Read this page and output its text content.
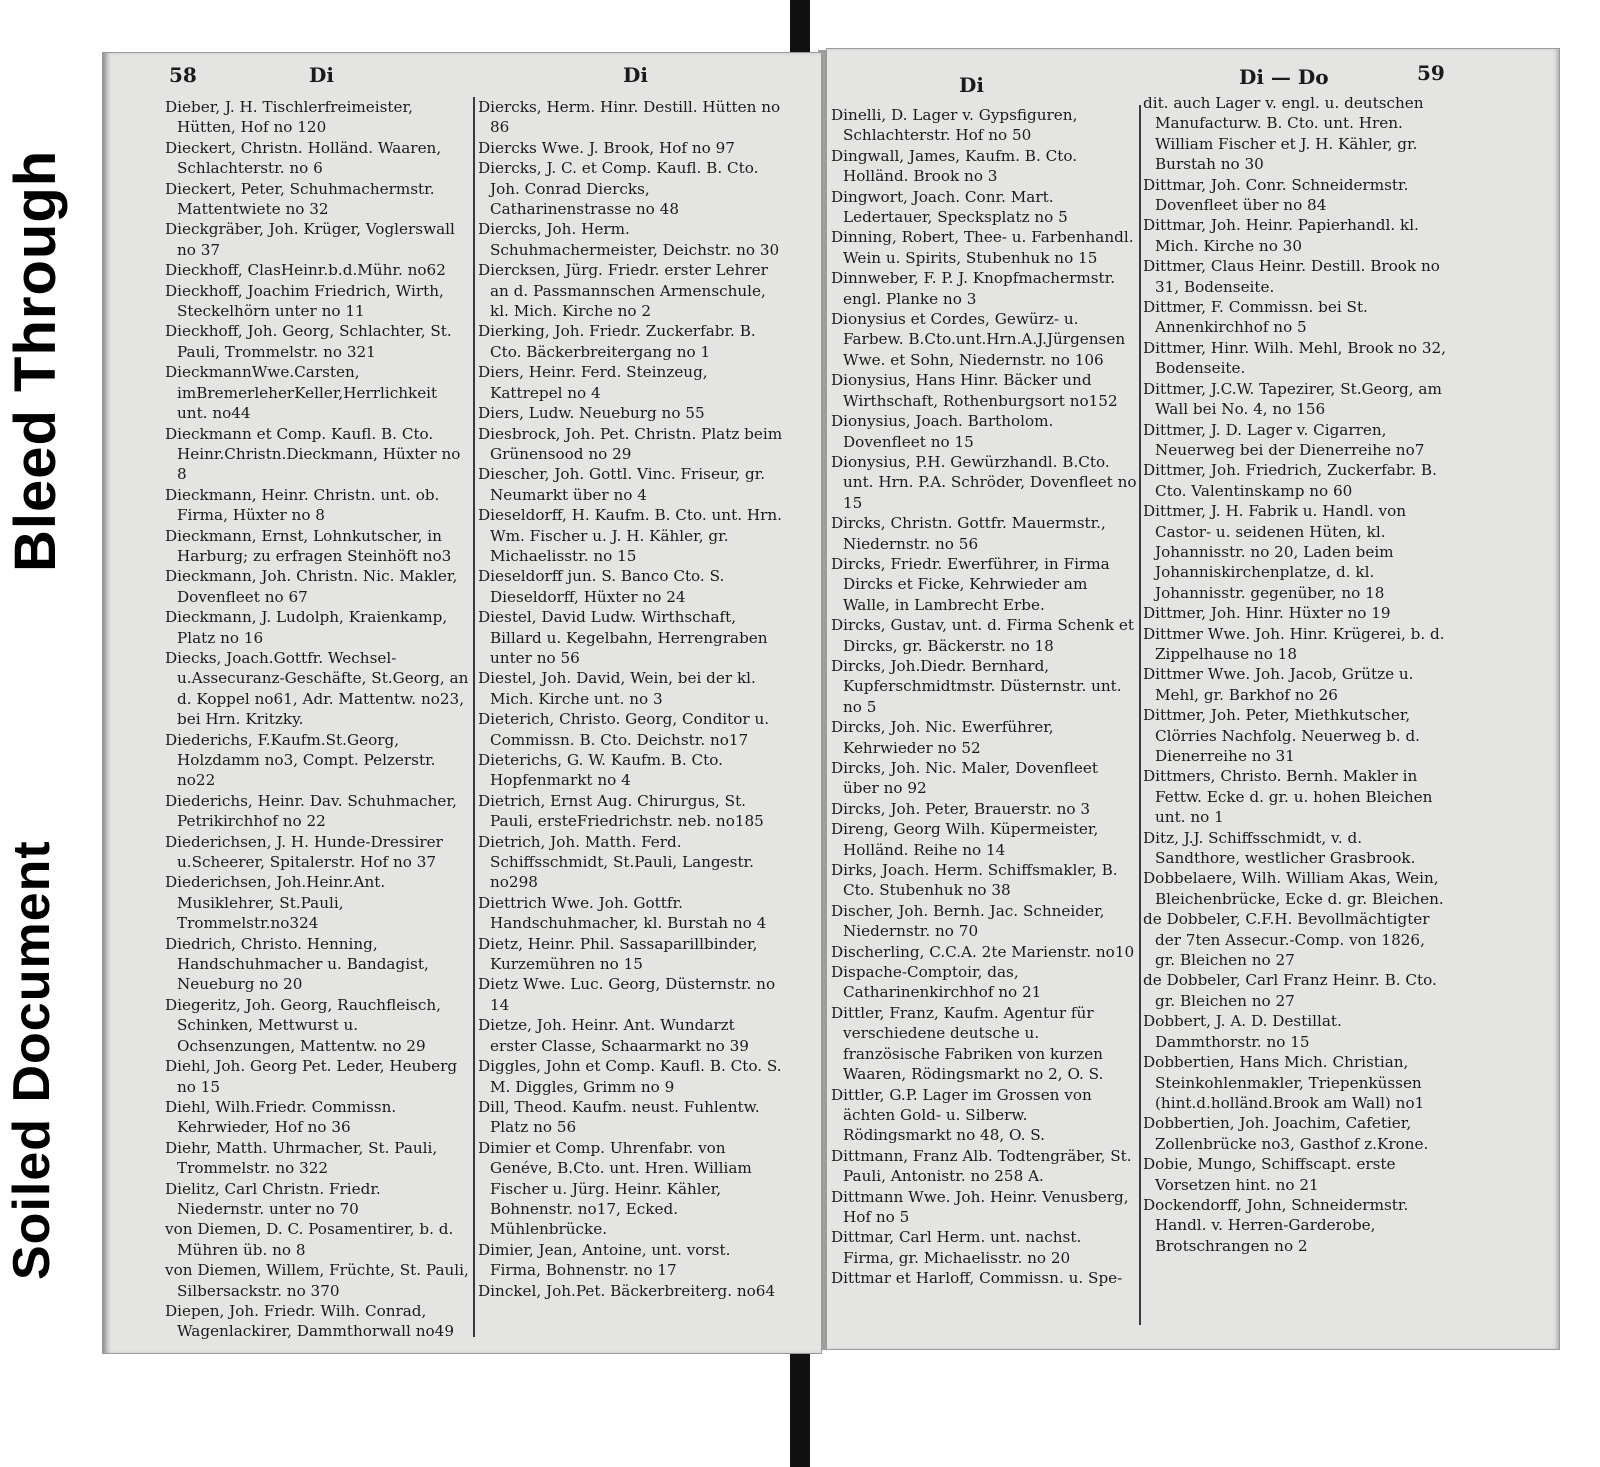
Bleed Through
Soiled Document
58	Di	Di

Dieber, J. H. Tischlerfreimeister, Hütten, Hof no 120

Dieckert, Christn. Holländ. Waaren, Schlachterstr. no 6

Dieckert, Peter, Schuhmachermstr. Mattentwiete no 32

Dieckgräber, Joh. Krüger, Voglerswall no 37

Dieckhoff, ClasHeinr.b.d.Mühr. no62

Dieckhoff, Joachim Friedrich, Wirth, Steckelhörn unter no 11

Dieckhoff, Joh. Georg, Schlachter, St. Pauli, Trommelstr. no 321

DieckmannWwe.Carsten, imBremerleherKeller,Herrlichkeit unt. no44

Dieckmann et Comp. Kaufl. B. Cto. Heinr.Christn.Dieckmann, Hüxter no 8

Dieckmann, Heinr. Christn. unt. ob. Firma, Hüxter no 8

Dieckmann, Ernst, Lohnkutscher, in Harburg; zu erfragen Steinhöft no3

Dieckmann, Joh. Christn. Nic. Makler, Dovenfleet no 67

Dieckmann, J. Ludolph, Kraienkamp, Platz no 16

Diecks, Joach.Gottfr. Wechsel-u.Assecuranz-Geschäfte, St.Georg, an d. Koppel no61, Adr. Mattentw. no23, bei Hrn. Kritzky.

Diederichs, F.Kaufm.St.Georg, Holzdamm no3, Compt. Pelzerstr. no22

Diederichs, Heinr. Dav. Schuhmacher, Petrikirchhof no 22

Diederichsen, J. H. Hunde-Dressirer u.Scheerer, Spitalerstr. Hof no 37

Diederichsen, Joh.Heinr.Ant. Musiklehrer, St.Pauli, Trommelstr.no324

Diedrich, Christo. Henning, Handschuhmacher u. Bandagist, Neueburg no 20

Diegeritz, Joh. Georg, Rauchfleisch, Schinken, Mettwurst u. Ochsenzungen, Mattentw. no 29

Diehl, Joh. Georg Pet. Leder, Heuberg no 15

Diehl, Wilh.Friedr. Commissn. Kehrwieder, Hof no 36

Diehr, Matth. Uhrmacher, St. Pauli, Trommelstr. no 322

Dielitz, Carl Christn. Friedr. Niedernstr. unter no 70

von Diemen, D. C. Posamentirer, b. d. Mühren üb. no 8

von Diemen, Willem, Früchte, St. Pauli, Silbersackstr. no 370

Diepen, Joh. Friedr. Wilh. Conrad, Wagenlackirer, Dammthorwall no49

Diercks, Herm. Hinr. Destill. Hütten no 86

Diercks Wwe. J. Brook, Hof no 97

Diercks, J. C. et Comp. Kaufl. B. Cto. Joh. Conrad Diercks, Catharinenstrasse no 48

Diercks, Joh. Herm. Schuhmachermeister, Deichstr. no 30

Diercksen, Jürg. Friedr. erster Lehrer an d. Passmannschen Armenschule, kl. Mich. Kirche no 2

Dierking, Joh. Friedr. Zuckerfabr. B. Cto. Bäckerbreitergang no 1

Diers, Heinr. Ferd. Steinzeug, Kattrepel no 4

Diers, Ludw. Neueburg no 55

Diesbrock, Joh. Pet. Christn. Platz beim Grünensood no 29

Diescher, Joh. Gottl. Vinc. Friseur, gr. Neumarkt über no 4

Dieseldorff, H. Kaufm. B. Cto. unt. Hrn. Wm. Fischer u. J. H. Kähler, gr. Michaelisstr. no 15

Dieseldorff jun. S. Banco Cto. S. Dieseldorff, Hüxter no 24

Diestel, David Ludw. Wirthschaft, Billard u. Kegelbahn, Herrengraben unter no 56

Diestel, Joh. David, Wein, bei der kl. Mich. Kirche unt. no 3

Dieterich, Christo. Georg, Conditor u. Commissn. B. Cto. Deichstr. no17

Dieterichs, G. W. Kaufm. B. Cto. Hopfenmarkt no 4

Dietrich, Ernst Aug. Chirurgus, St. Pauli, ersteFriedrichstr. neb. no185

Dietrich, Joh. Matth. Ferd. Schiffsschmidt, St.Pauli, Langestr. no298

Diettrich Wwe. Joh. Gottfr. Handschuhmacher, kl. Burstah no 4

Dietz, Heinr. Phil. Sassaparillbinder, Kurzemühren no 15

Dietz Wwe. Luc. Georg, Düsternstr. no 14

Dietze, Joh. Heinr. Ant. Wundarzt erster Classe, Schaarmarkt no 39

Diggles, John et Comp. Kaufl. B. Cto. S. M. Diggles, Grimm no 9

Dill, Theod. Kaufm. neust. Fuhlentw. Platz no 56

Dimier et Comp. Uhrenfabr. von Genéve, B.Cto. unt. Hren. William Fischer u. Jürg. Heinr. Kähler, Bohnenstr. no17, Ecked. Mühlenbrücke.

Dimier, Jean, Antoine, unt. vorst. Firma, Bohnenstr. no 17

Dinckel, Joh.Pet. Bäckerbreiterg. no64

Di	Di — Do	59

Dinelli, D. Lager v. Gypsfiguren, Schlachterstr. Hof no 50

Dingwall, James, Kaufm. B. Cto. Holländ. Brook no 3

Dingwort, Joach. Conr. Mart. Ledertauer, Specksplatz no 5

Dinning, Robert, Thee- u. Farbenhandl. Wein u. Spirits, Stubenhuk no 15

Dinnweber, F. P. J. Knopfmachermstr. engl. Planke no 3

Dionysius et Cordes, Gewürz- u. Farbew. B.Cto.unt.Hrn.A.J.Jürgensen Wwe. et Sohn, Niedernstr. no 106

Dionysius, Hans Hinr. Bäcker und Wirthschaft, Rothenburgsort no152

Dionysius, Joach. Bartholom. Dovenfleet no 15

Dionysius, P.H. Gewürzhandl. B.Cto. unt. Hrn. P.A. Schröder, Dovenfleet no 15

Dircks, Christn. Gottfr. Mauermstr., Niedernstr. no 56

Dircks, Friedr. Ewerführer, in Firma Dircks et Ficke, Kehrwieder am Walle, in Lambrecht Erbe.

Dircks, Gustav, unt. d. Firma Schenk et Dircks, gr. Bäckerstr. no 18

Dircks, Joh.Diedr. Bernhard, Kupferschmidtmstr. Düsternstr. unt. no 5

Dircks, Joh. Nic. Ewerführer, Kehrwieder no 52

Dircks, Joh. Nic. Maler, Dovenfleet über no 92

Dircks, Joh. Peter, Brauerstr. no 3

Direng, Georg Wilh. Küpermeister, Holländ. Reihe no 14

Dirks, Joach. Herm. Schiffsmakler, B. Cto. Stubenhuk no 38

Discher, Joh. Bernh. Jac. Schneider, Niedernstr. no 70

Discherling, C.C.A. 2te Marienstr. no10

Dispache-Comptoir, das, Catharinenkirchhof no 21

Dittler, Franz, Kaufm. Agentur für verschiedene deutsche u. französische Fabriken von kurzen Waaren, Rödingsmarkt no 2, O. S.

Dittler, G.P. Lager im Grossen von ächten Gold- u. Silberw. Rödingsmarkt no 48, O. S.

Dittmann, Franz Alb. Todtengräber, St. Pauli, Antonistr. no 258 A.

Dittmann Wwe. Joh. Heinr. Venusberg, Hof no 5

Dittmar, Carl Herm. unt. nachst. Firma, gr. Michaelisstr. no 20

Dittmar et Harloff, Commissn. u. Spe-

dit. auch Lager v. engl. u. deutschen Manufacturw. B. Cto. unt. Hren. William Fischer et J. H. Kähler, gr. Burstah no 30

Dittmar, Joh. Conr. Schneidermstr. Dovenfleet über no 84

Dittmar, Joh. Heinr. Papierhandl. kl. Mich. Kirche no 30

Dittmer, Claus Heinr. Destill. Brook no 31, Bodenseite.

Dittmer, F. Commissn. bei St. Annenkirchhof no 5

Dittmer, Hinr. Wilh. Mehl, Brook no 32, Bodenseite.

Dittmer, J.C.W. Tapezirer, St.Georg, am Wall bei No. 4, no 156

Dittmer, J. D. Lager v. Cigarren, Neuerweg bei der Dienerreihe no7

Dittmer, Joh. Friedrich, Zuckerfabr. B. Cto. Valentinskamp no 60

Dittmer, J. H. Fabrik u. Handl. von Castor- u. seidenen Hüten, kl. Johannisstr. no 20, Laden beim Johanniskirchenplatze, d. kl. Johannisstr. gegenüber, no 18

Dittmer, Joh. Hinr. Hüxter no 19

Dittmer Wwe. Joh. Hinr. Krügerei, b. d. Zippelhause no 18

Dittmer Wwe. Joh. Jacob, Grütze u. Mehl, gr. Barkhof no 26

Dittmer, Joh. Peter, Miethkutscher, Clörries Nachfolg. Neuerweg b. d. Dienerreihe no 31

Dittmers, Christo. Bernh. Makler in Fettw. Ecke d. gr. u. hohen Bleichen unt. no 1

Ditz, J.J. Schiffsschmidt, v. d. Sandthore, westlicher Grasbrook.

Dobbelaere, Wilh. William Akas, Wein, Bleichenbrücke, Ecke d. gr. Bleichen.

de Dobbeler, C.F.H. Bevollmächtigter der 7ten Assecur.-Comp. von 1826, gr. Bleichen no 27

de Dobbeler, Carl Franz Heinr. B. Cto. gr. Bleichen no 27

Dobbert, J. A. D. Destillat. Dammthorstr. no 15

Dobbertien, Hans Mich. Christian, Steinkohlenmakler, Triepenküssen (hint.d.holländ.Brook am Wall) no1

Dobbertien, Joh. Joachim, Cafetier, Zollenbrücke no3, Gasthof z.Krone.

Dobie, Mungo, Schiffscapt. erste Vorsetzen hint. no 21

Dockendorff, John, Schneidermstr. Handl. v. Herren-Garderobe, Brotschrangen no 2
